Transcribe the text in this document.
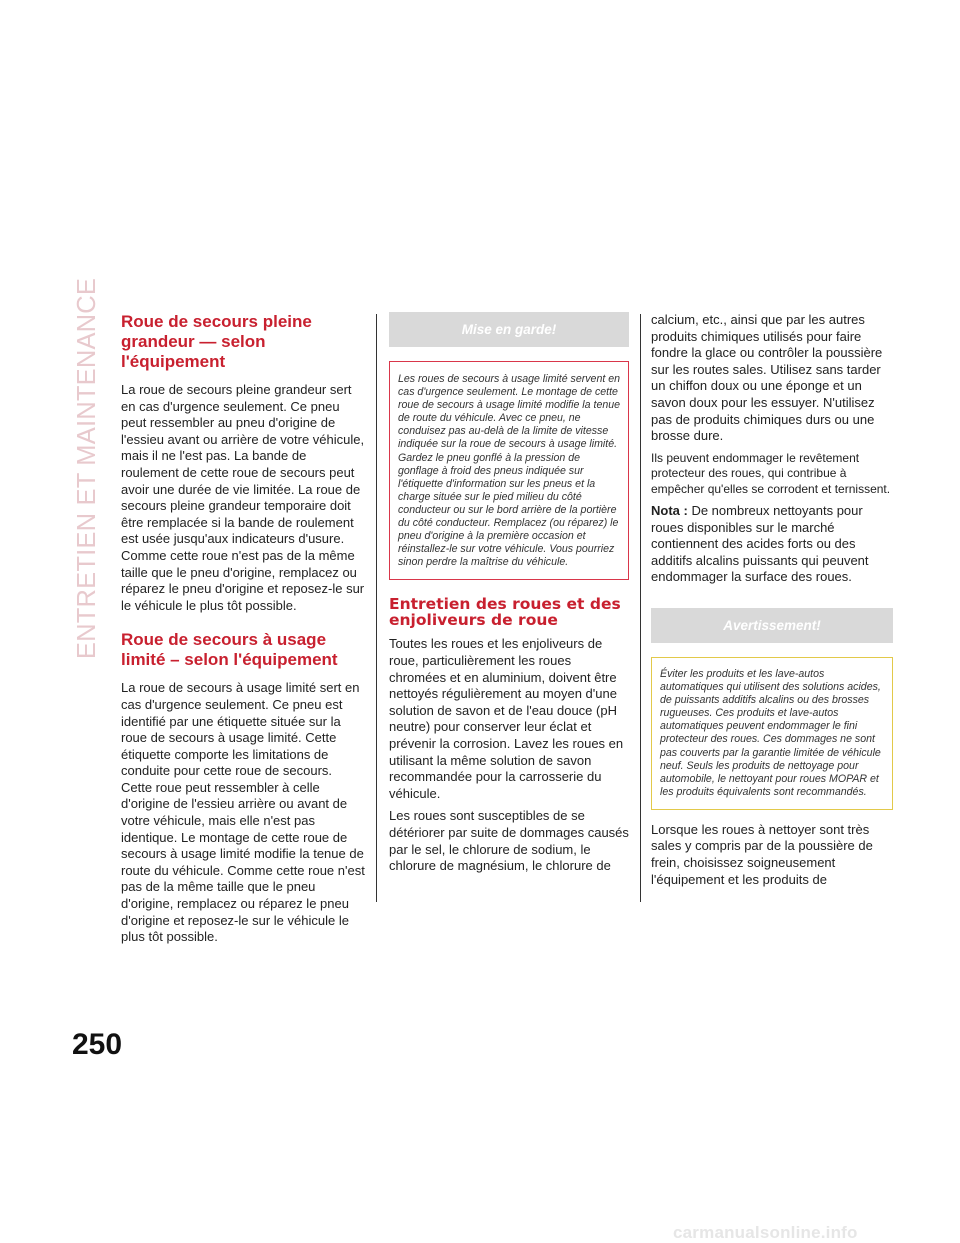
ENTRETIEN ET MAINTENANCE
250
Roue de secours pleine grandeur — selon l'équipement

La roue de secours pleine grandeur sert en cas d'urgence seulement. Ce pneu peut ressembler au pneu d'origine de l'essieu avant ou arrière de votre véhicule, mais il ne l'est pas. La bande de roulement de cette roue de secours peut avoir une durée de vie limitée. La roue de secours pleine grandeur temporaire doit être remplacée si la bande de roulement est usée jusqu'aux indicateurs d'usure. Comme cette roue n'est pas de la même taille que le pneu d'origine, remplacez ou réparez le pneu d'origine et reposez-le sur le véhicule le plus tôt possible.

Roue de secours à usage limité – selon l'équipement

La roue de secours à usage limité sert en cas d'urgence seulement. Ce pneu est identifié par une étiquette située sur la roue de secours à usage limité. Cette étiquette comporte les limitations de conduite pour cette roue de secours. Cette roue peut ressembler à celle d'origine de l'essieu arrière ou avant de votre véhicule, mais elle n'est pas identique. Le montage de cette roue de secours à usage limité modifie la tenue de route du véhicule. Comme cette roue n'est pas de la même taille que le pneu d'origine, remplacez ou réparez le pneu d'origine et reposez-le sur le véhicule le plus tôt possible.

Mise en garde!
Les roues de secours à usage limité servent en cas d'urgence seulement. Le montage de cette roue de secours à usage limité modifie la tenue de route du véhicule. Avec ce pneu, ne conduisez pas au-delà de la limite de vitesse indiquée sur la roue de secours à usage limité. Gardez le pneu gonflé à la pression de gonflage à froid des pneus indiquée sur l'étiquette d'information sur les pneus et la charge située sur le pied milieu du côté conducteur ou sur le bord arrière de la portière du côté conducteur. Remplacez (ou réparez) le pneu d'origine à la première occasion et réinstallez-le sur votre véhicule. Vous pourriez sinon perdre la maîtrise du véhicule.
Entretien des roues et des enjoliveurs de roue

Toutes les roues et les enjoliveurs de roue, particulièrement les roues chromées et en aluminium, doivent être nettoyés régulièrement au moyen d'une solution de savon et de l'eau douce (pH neutre) pour conserver leur éclat et prévenir la corrosion. Lavez les roues en utilisant la même solution de savon recommandée pour la carrosserie du véhicule.

Les roues sont susceptibles de se détériorer par suite de dommages causés par le sel, le chlorure de sodium, le chlorure de magnésium, le chlorure de

calcium, etc., ainsi que par les autres produits chimiques utilisés pour faire fondre la glace ou contrôler la poussière sur les routes sales. Utilisez sans tarder un chiffon doux ou une éponge et un savon doux pour les essuyer. N'utilisez pas de produits chimiques durs ou une brosse dure.

Ils peuvent endommager le revêtement protecteur des roues, qui contribue à empêcher qu'elles se corrodent et ternissent.

Nota : De nombreux nettoyants pour roues disponibles sur le marché contiennent des acides forts ou des additifs alcalins puissants qui peuvent endommager la surface des roues.

Avertissement!
Éviter les produits et les lave-autos automatiques qui utilisent des solutions acides, de puissants additifs alcalins ou des brosses rugueuses. Ces produits et lave-autos automatiques peuvent endommager le fini protecteur des roues. Ces dommages ne sont pas couverts par la garantie limitée de véhicule neuf. Seuls les produits de nettoyage pour automobile, le nettoyant pour roues MOPAR et les produits équivalents sont recommandés.

Lorsque les roues à nettoyer sont très sales y compris par de la poussière de frein, choisissez soigneusement l'équipement et les produits de

carmanualsonline.info
